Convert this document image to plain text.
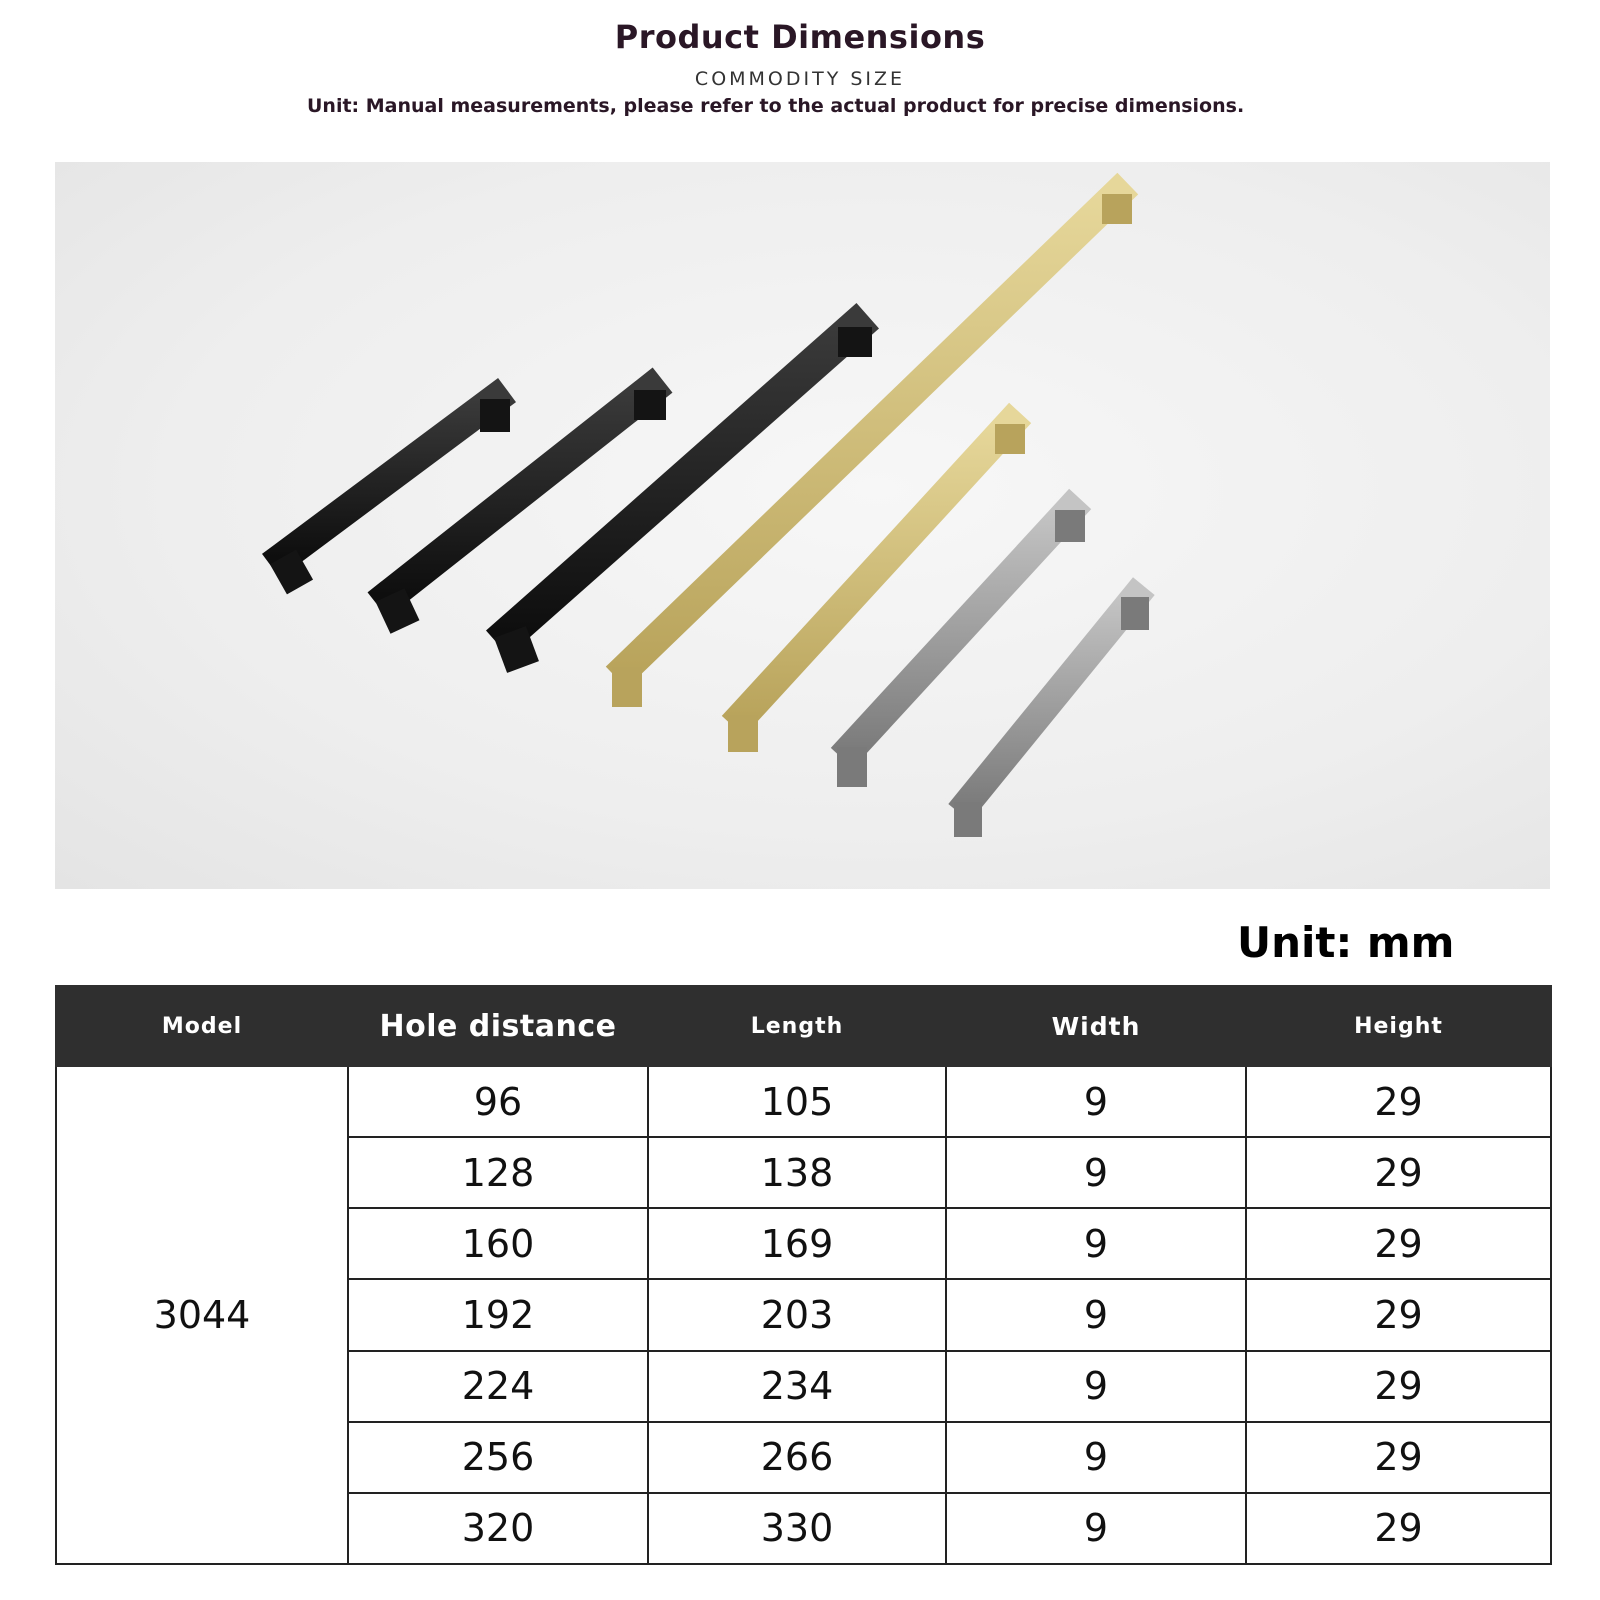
Product Dimensions
COMMODITY SIZE
Unit: Manual measurements, please refer to the actual product for precise dimensions.
Unit: mm
Model	Hole distance	Length	Width	Height
3044	96	105	9	29
	128	138	9	29
	160	169	9	29
	192	203	9	29
	224	234	9	29
	256	266	9	29
	320	330	9	29
